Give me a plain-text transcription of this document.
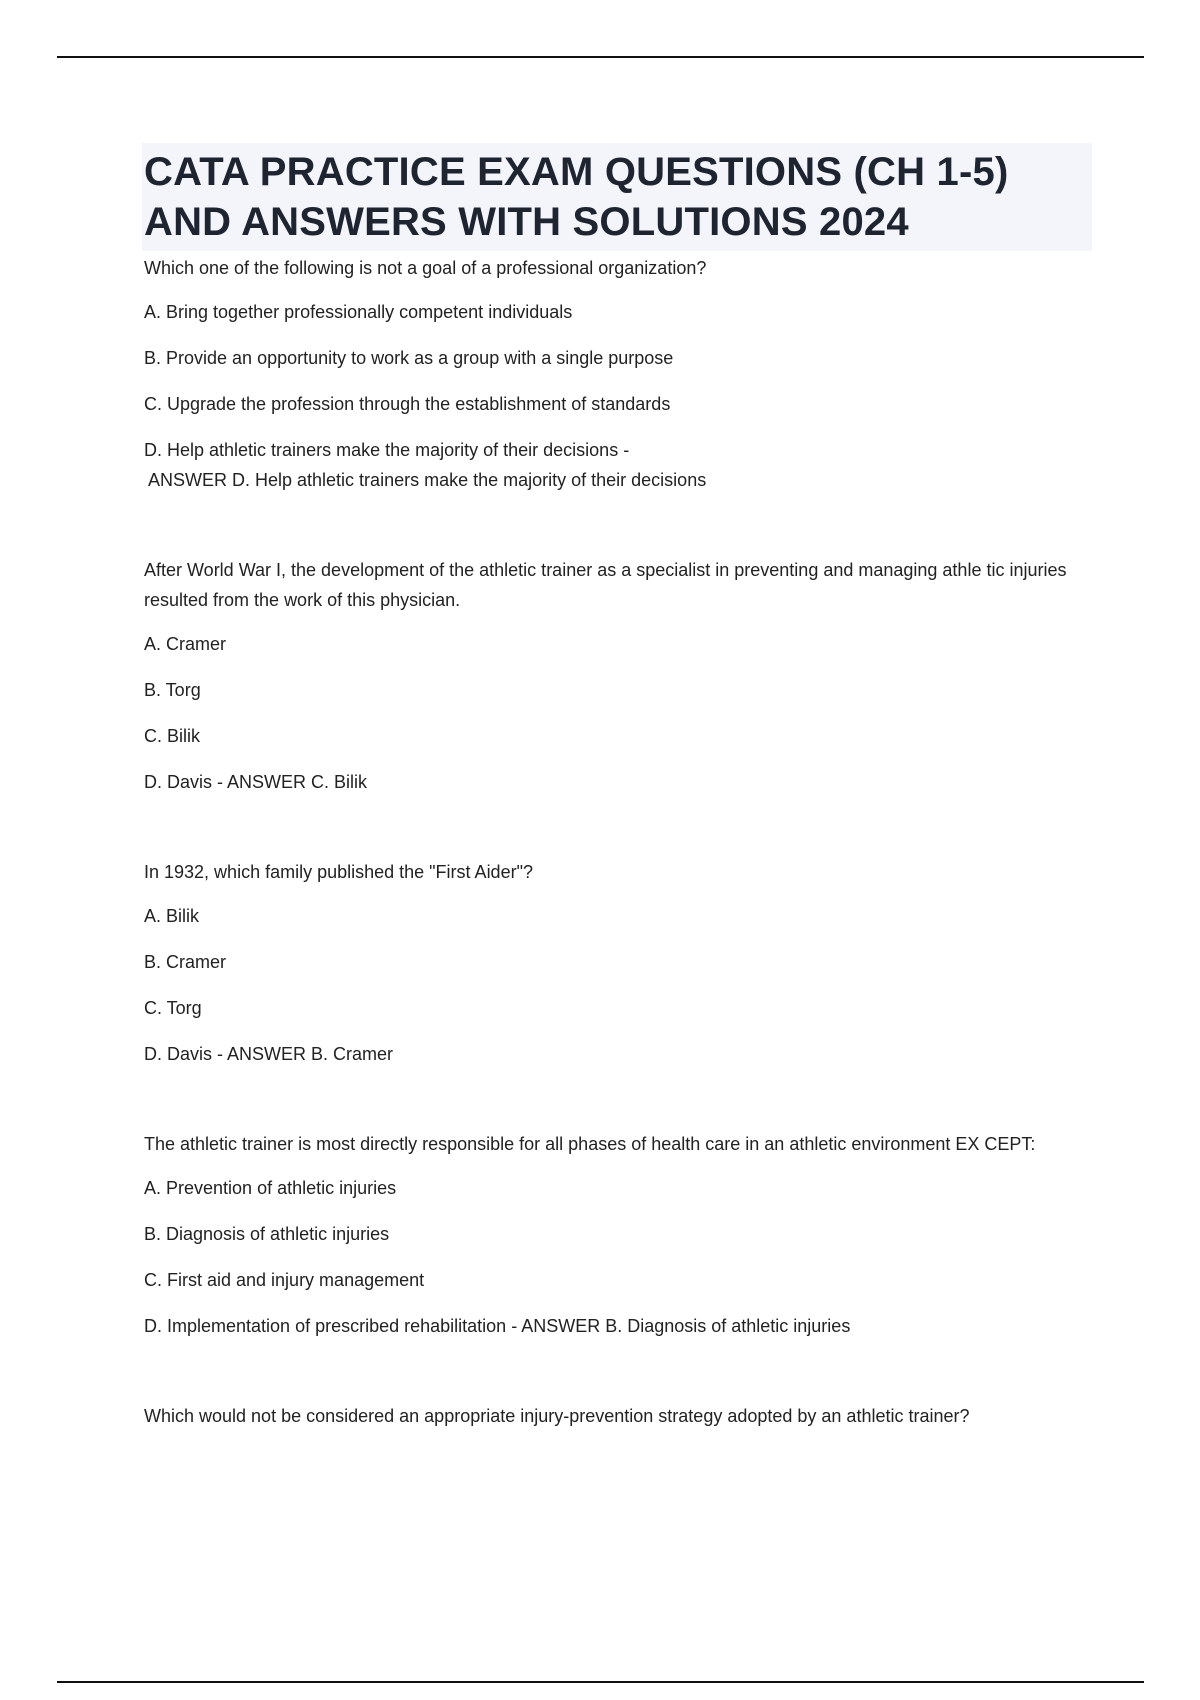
CATA PRACTICE EXAM QUESTIONS (CH 1-5) AND ANSWERS WITH SOLUTIONS 2024

Which one of the following is not a goal of a professional organization?

A. Bring together professionally competent individuals

B. Provide an opportunity to work as a group with a single purpose

C. Upgrade the profession through the establishment of standards

D. Help athletic trainers make the majority of their decisions -

ANSWER D. Help athletic trainers make the majority of their decisions

After World War I, the development of the athletic trainer as a specialist in preventing and managing athle tic injuries resulted from the work of this physician.

A. Cramer

B. Torg

C. Bilik

D. Davis - ANSWER C. Bilik

In 1932, which family published the "First Aider"?

A. Bilik

B. Cramer

C. Torg

D. Davis - ANSWER B. Cramer

The athletic trainer is most directly responsible for all phases of health care in an athletic environment EX CEPT:

A. Prevention of athletic injuries

B. Diagnosis of athletic injuries

C. First aid and injury management

D. Implementation of prescribed rehabilitation - ANSWER B. Diagnosis of athletic injuries

Which would not be considered an appropriate injury-prevention strategy adopted by an athletic trainer?
